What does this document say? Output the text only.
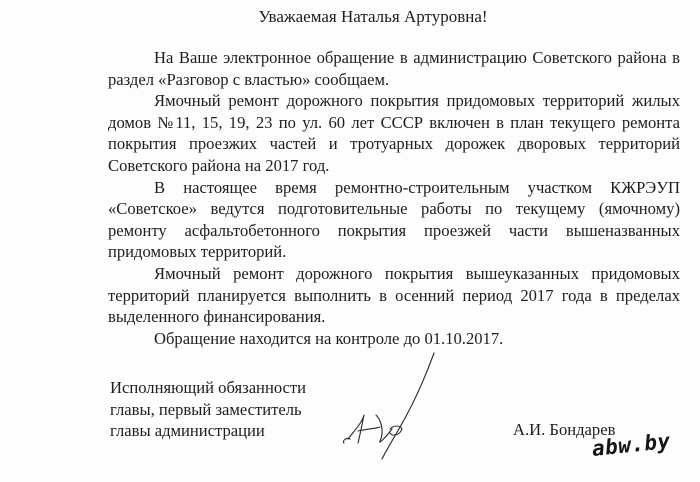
Уважаемая Наталья Артуровна!

На Ваше электронное обращение в администрацию Советского района в раздел «Разговор с властью» сообщаем.

Ямочный ремонт дорожного покрытия придомовых территорий жилых домов №11, 15, 19, 23 по ул. 60 лет СССР включен в план текущего ремонта покрытия проезжих частей и тротуарных дорожек дворовых территорий Советского района на 2017 год.

В настоящее время ремонтно-строительным участком КЖРЭУП «Советское» ведутся подготовительные работы по текущему (ямочному) ремонту асфальтобетонного покрытия проезжей части вышеназванных придомовых территорий.

Ямочный ремонт дорожного покрытия вышеуказанных придомовых территорий планируется выполнить в осенний период 2017 года в пределах выделенного финансирования.

Обращение находится на контроле до 01.10.2017.

Исполняющий обязанности
главы, первый заместитель
главы администрации	А.И. Бондарев
abw.by
